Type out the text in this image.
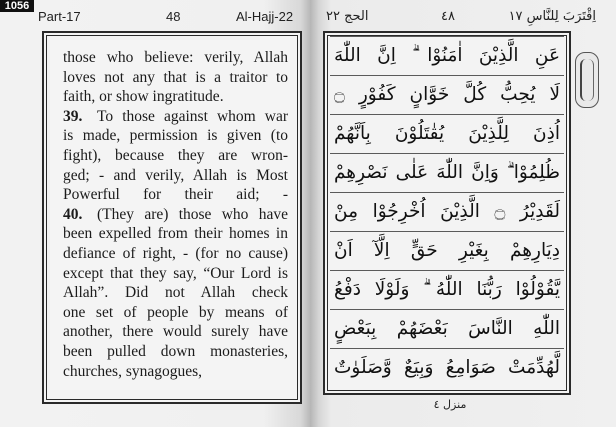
1056
Part-17	48	Al-Hajj-22
those who believe: verily, Allah
loves not any that is a traitor to
faith, or show ingratitude.
39. To those against whom war
is made, permission is given (to
fight), because they are wron-
ged; - and verily, Allah is Most
Powerful for their aid; -
40. (They are) those who have
been expelled from their homes in
defiance of right, - (for no cause)
except that they say, “Our Lord is
Allah”. Did not Allah check
one set of people by means of
another, there would surely have
been pulled down monasteries,
churches, synagogues,
الحج ٢٢	٤٨	اِقْتَرَبَ لِلنَّاسِ ١٧
عَنِ الَّذِيْنَ اٰمَنُوْا ۗ اِنَّ اللّٰهَ
لَا يُحِبُّ كُلَّ خَوَّانٍ كَفُوْرٍ ۝
اُذِنَ لِلَّذِيْنَ يُقٰتَلُوْنَ بِاَنَّهُمْ
ظُلِمُوْا ۗ وَاِنَّ اللّٰهَ عَلٰى نَصْرِهِمْ
لَقَدِيْرُ ۝ الَّذِيْنَ اُخْرِجُوْا مِنْ
دِيَارِهِمْ بِغَيْرِ حَقٍّ اِلَّآ اَنْ
يَّقُوْلُوْا رَبُّنَا اللّٰهُ ۗ وَلَوْلَا دَفْعُ
اللّٰهِ النَّاسَ بَعْضَهُمْ بِبَعْضٍ
لَّهُدِّمَتْ صَوَامِعُ وَبِيَعٌ وَّصَلَوٰتٌ
منزل ٤
